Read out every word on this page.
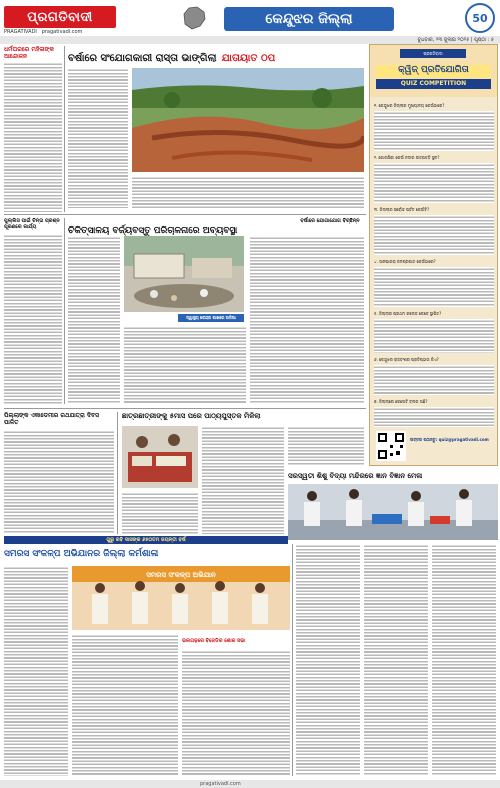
ପ୍ରଗତିବାଦୀ
PRAGATIVADI pragativadi.com
କେନ୍ଦୁଝର ଜିଲ୍ଲା	50
ବୁଧବାର, ୨୩ ଜୁଲାଇ ୨୦୨୫ | ପୃଷ୍ଠା : ୫
ଧର୍ମଘରରେ ମହିଳାଙ୍କ ଆନ୍ଦୋଳନ	ବର୍ଷାରେ ସଂଯୋଗକାରୀ ରାସ୍ତା ଭାଙ୍ଗିଲା ଯାତାୟାତ ଠପ
ପୁଲ୍ଲିସ ପାଇଁ ଚିନ୍ତା ପ୍ରଶ୍ନ ପୂରଣରେ କାର୍ଯ୍ୟ	ଚିକିତ୍ସାଳୟ ବର୍ଜ୍ୟବସ୍ତୁ ପରିଚାଳନାରେ ଅବ୍ୟବସ୍ଥା
ସ୍ୱାସ୍ଥ୍ୟ କେନ୍ଦ୍ର ପାଖରେ ଅଳିଆ
ବର୍ଷାରେ ଯୋଗାଯୋଗ ବିଚ୍ଛିନ୍ନ
ପିଲ୍ଲାଙ୍କ ଏକାଡେମୀର ରଥଯାତ୍ରା ଦିବସ ପାଳିତ
ଛାତ୍ରଛାତ୍ରୀଙ୍କୁ ୫ମାସ ପରେ ପାଠ୍ୟପୁସ୍ତକ ମିଳିଲା
ପ୍ରଗତିବାଦୀ
କ୍ୱିଜ୍ ପ୍ରତିଯୋଗିତା
QUIZ COMPETITION
୧. କେନ୍ଦୁଝର ଜିଲ୍ଲାର ମୁଖ୍ୟାଳୟ କେଉଁଠାରେ?
୨. ଗୋନାସିକା କେଉଁ ନଦୀର ଉତ୍ପତ୍ତି ସ୍ଥଳ?
୩. ଜିଲ୍ଲାର ସର୍ବୋଚ୍ଚ ପର୍ବତ କେଉଁଟି?
୪. ସାନଘାଗରା ଜଳପ୍ରପାତ କେଉଁଠାରେ?
୫. ଜିଲ୍ଲାର ପ୍ରଥମ କଲେଜ କେବେ ସ୍ଥାପିତ?
୬. କେନ୍ଦୁଝର ରାଜବଂଶର ପ୍ରତିଷ୍ଠାତା କିଏ?
୭. ଜିଲ୍ଲାରେ କେତୋଟି ବ୍ଲକ ଅଛି?
ଉତ୍ତର ପଠାନ୍ତୁ: quiz@pragativadi.com
ସରସ୍ୱତୀ ଶିଶୁ ବିଦ୍ୟା ମନ୍ଦିରରେ ଜ୍ଞାନ ବିଜ୍ଞାନ ମେଳା
ଗୁରୁ ରବି ଦାସଙ୍କ ୬୫୦ତମ ଜୟନ୍ତୀ ବର୍ଷ
ସମରସ ସଂକଳ୍ପ ଅଭିଯାନର ଜିଲ୍ଲା କର୍ମଶାଳା
ସମରସ ସଂକଳ୍ପ ଅଭିଯାନ
ଭଲଗଢ଼ରେ ବିଜେଡିର ଶୋକ ସଭା
pragativadi.com
